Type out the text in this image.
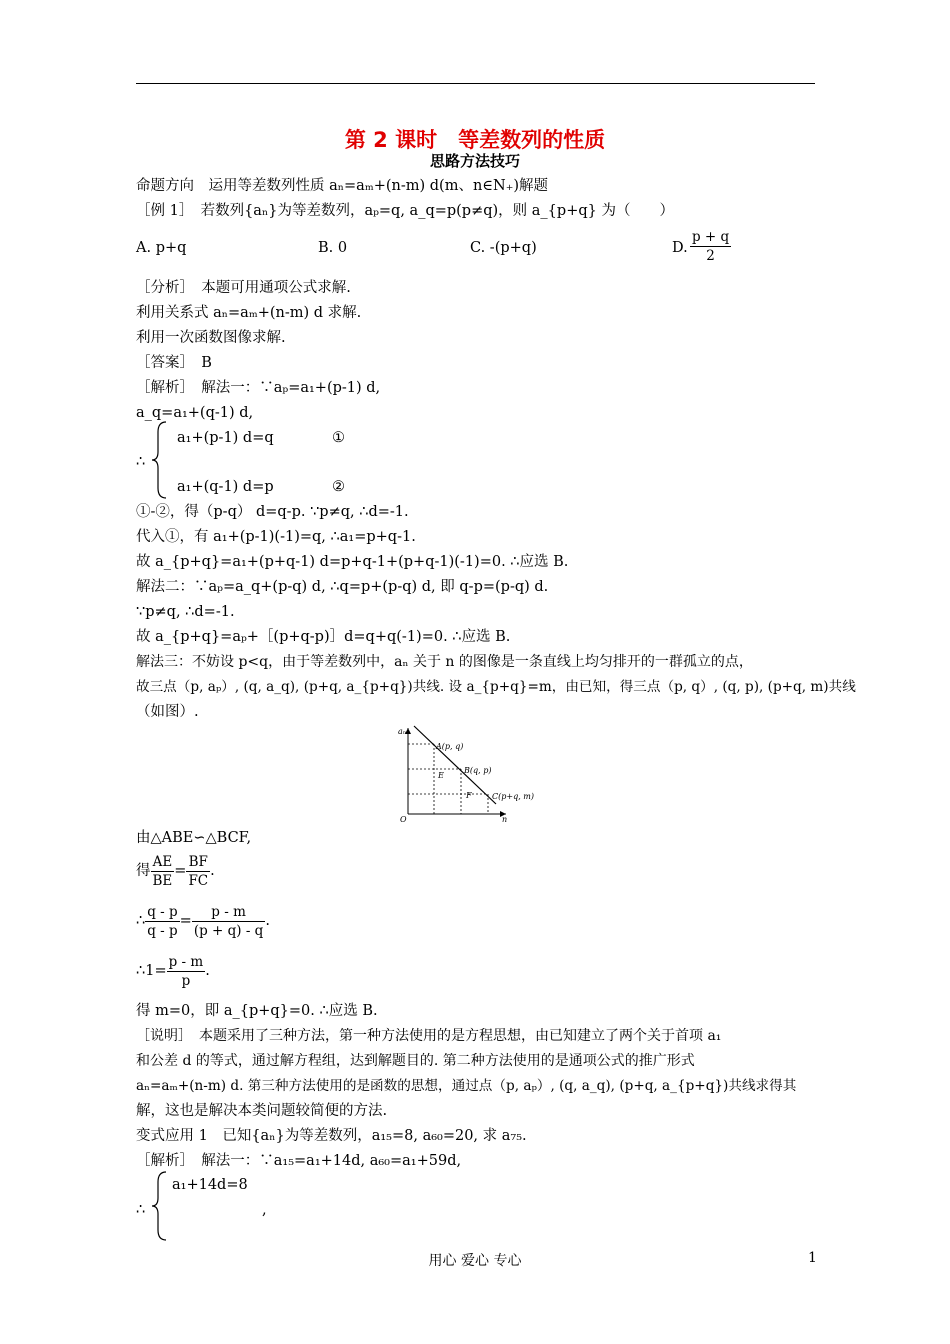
第 2 课时　等差数列的性质
思路方法技巧
命题方向　运用等差数列性质 aₙ=aₘ+(n-m) d(m、n∈N₊)解题
［例 1］　若数列{aₙ}为等差数列，aₚ=q, a_q=p(p≠q)，则 a_{p+q} 为（　　）
A. p+q	B. 0	C. -(p+q)	D. $\frac{p + q}{2}$
［分析］　本题可用通项公式求解.
利用关系式 aₙ=aₘ+(n-m) d 求解.
利用一次函数图像求解.
［答案］　B
［解析］　解法一：∵aₚ=a₁+(p-1) d,
a_q=a₁+(q-1) d,
∴
a₁+(p-1) d=q	①
a₁+(q-1) d=p	②
①-②，得（p-q） d=q-p. ∵p≠q, ∴d=-1.
代入①，有 a₁+(p-1)(-1)=q, ∴a₁=p+q-1.
故 a_{p+q}=a₁+(p+q-1) d=p+q-1+(p+q-1)(-1)=0. ∴应选 B.
解法二：∵aₚ=a_q+(p-q) d, ∴q=p+(p-q) d, 即 q-p=(p-q) d.
∵p≠q, ∴d=-1.
故 a_{p+q}=aₚ+［(p+q-p)］d=q+q(-1)=0. ∴应选 B.
解法三：不妨设 p<q，由于等差数列中，aₙ 关于 n 的图像是一条直线上均匀排开的一群孤立的点，
故三点（p, aₚ）, (q, a_q), (p+q, a_{p+q})共线. 设 a_{p+q}=m，由已知，得三点（p, q）, (q, p), (p+q, m)共线
（如图）.
aₙ
n
O
A(p, q)
B(q, p)
C(p+q, m)
E
F
由△ABE∽△BCF,
得 $\frac{AE}{BE} = \frac{BF}{FC}$ .
∴ $\frac{q - p}{q - p} = \frac{p - m}{(p + q) - q}$ .
∴1= $\frac{p - m}{p}$ .
得 m=0，即 a_{p+q}=0. ∴应选 B.
［说明］　本题采用了三种方法，第一种方法使用的是方程思想，由已知建立了两个关于首项 a₁
和公差 d 的等式，通过解方程组，达到解题目的. 第二种方法使用的是通项公式的推广形式
aₙ=aₘ+(n-m) d. 第三种方法使用的是函数的思想，通过点（p, aₚ）, (q, a_q), (p+q, a_{p+q})共线求得其
解，这也是解决本类问题较简便的方法.
变式应用 1　已知{aₙ}为等差数列，a₁₅=8, a₆₀=20, 求 a₇₅.
［解析］　解法一：∵a₁₅=a₁+14d, a₆₀=a₁+59d,
∴
a₁+14d=8
,
用心 爱心 专心	1
